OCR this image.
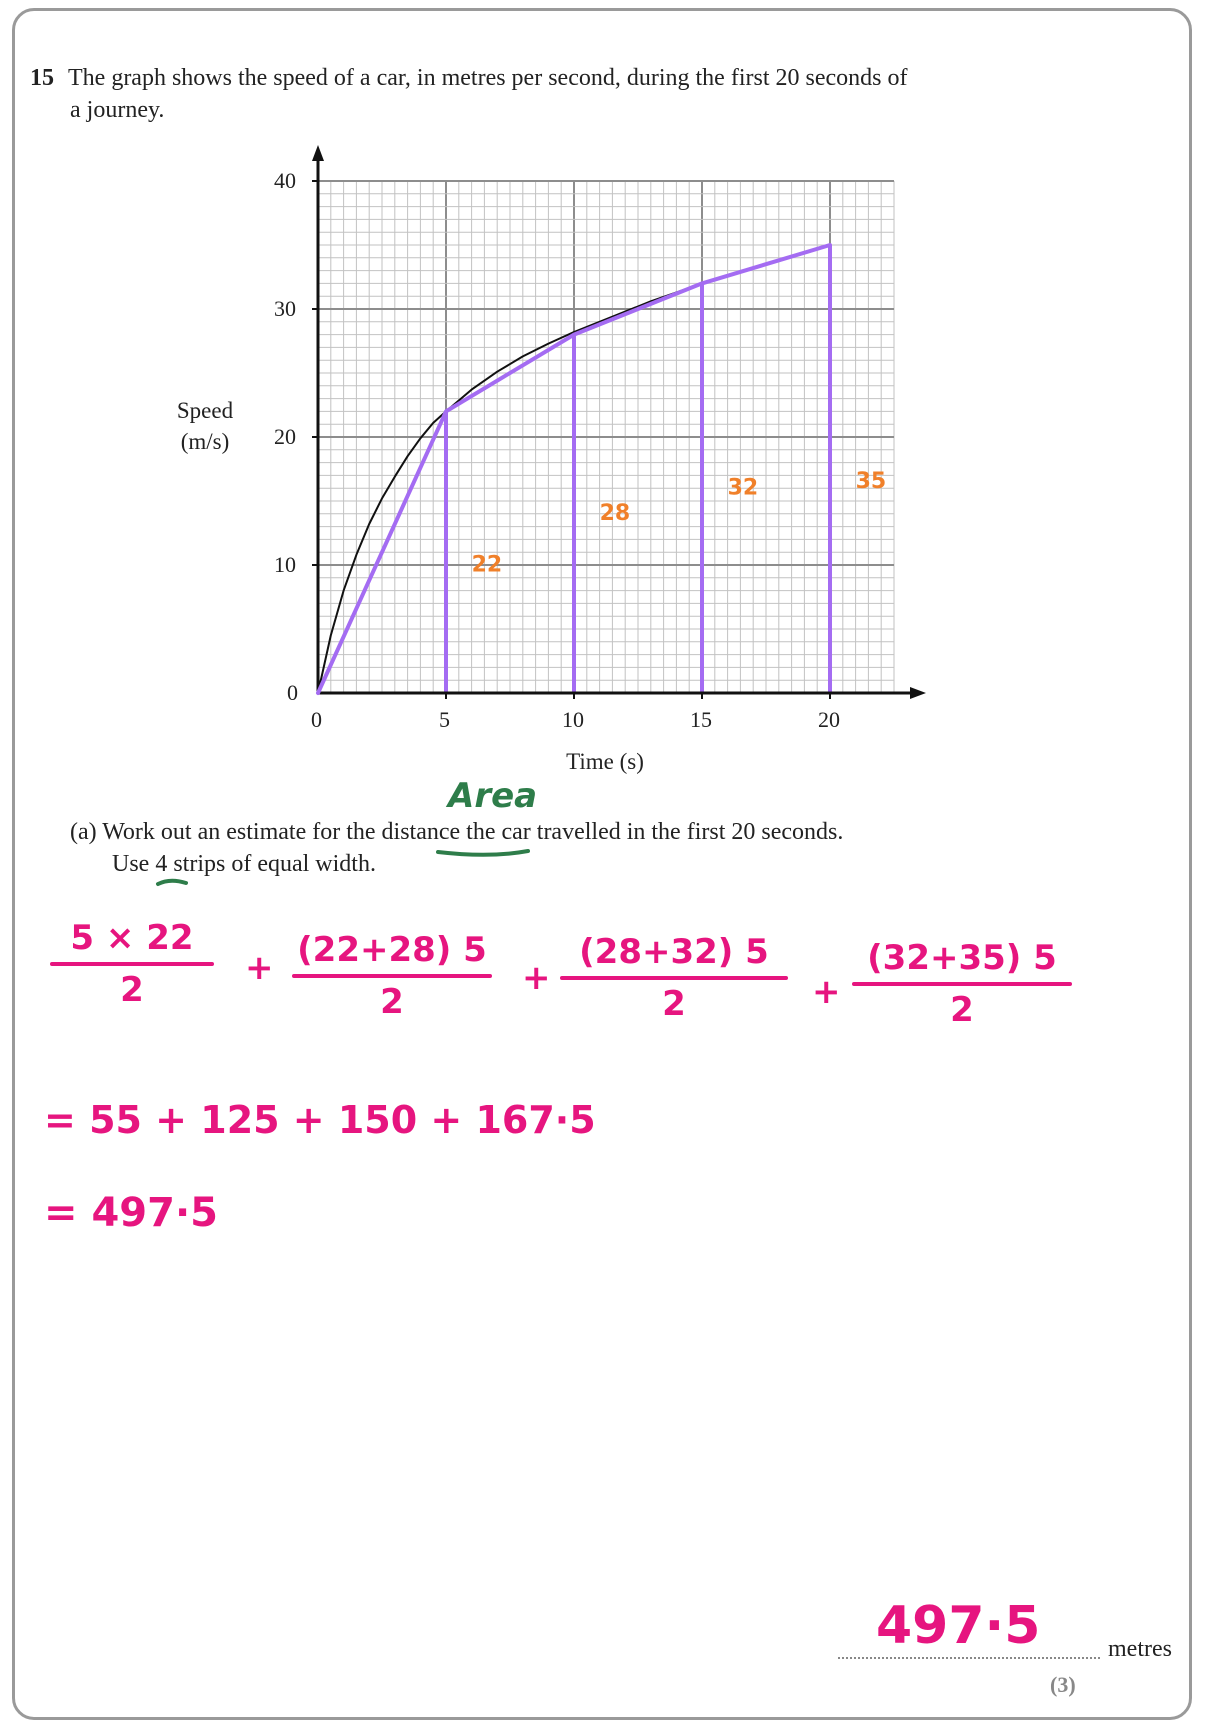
15 The graph shows the speed of a car, in metres per second, during the first 20 seconds of
a journey.
Speed
(m/s)
Time (s)
40
30
20
10
0
0	5	10	15	20
22
28
32	35
Area
(a) Work out an estimate for the distance the car travelled in the first 20 seconds.
Use 4 strips of equal width.
5 × 22
2
+ (22+28) 5
2
+
(28+32) 5
2	+
(32+35) 5
2
= 55 + 125 + 150 + 167·5
= 497·5
497·5	metres
(3)
